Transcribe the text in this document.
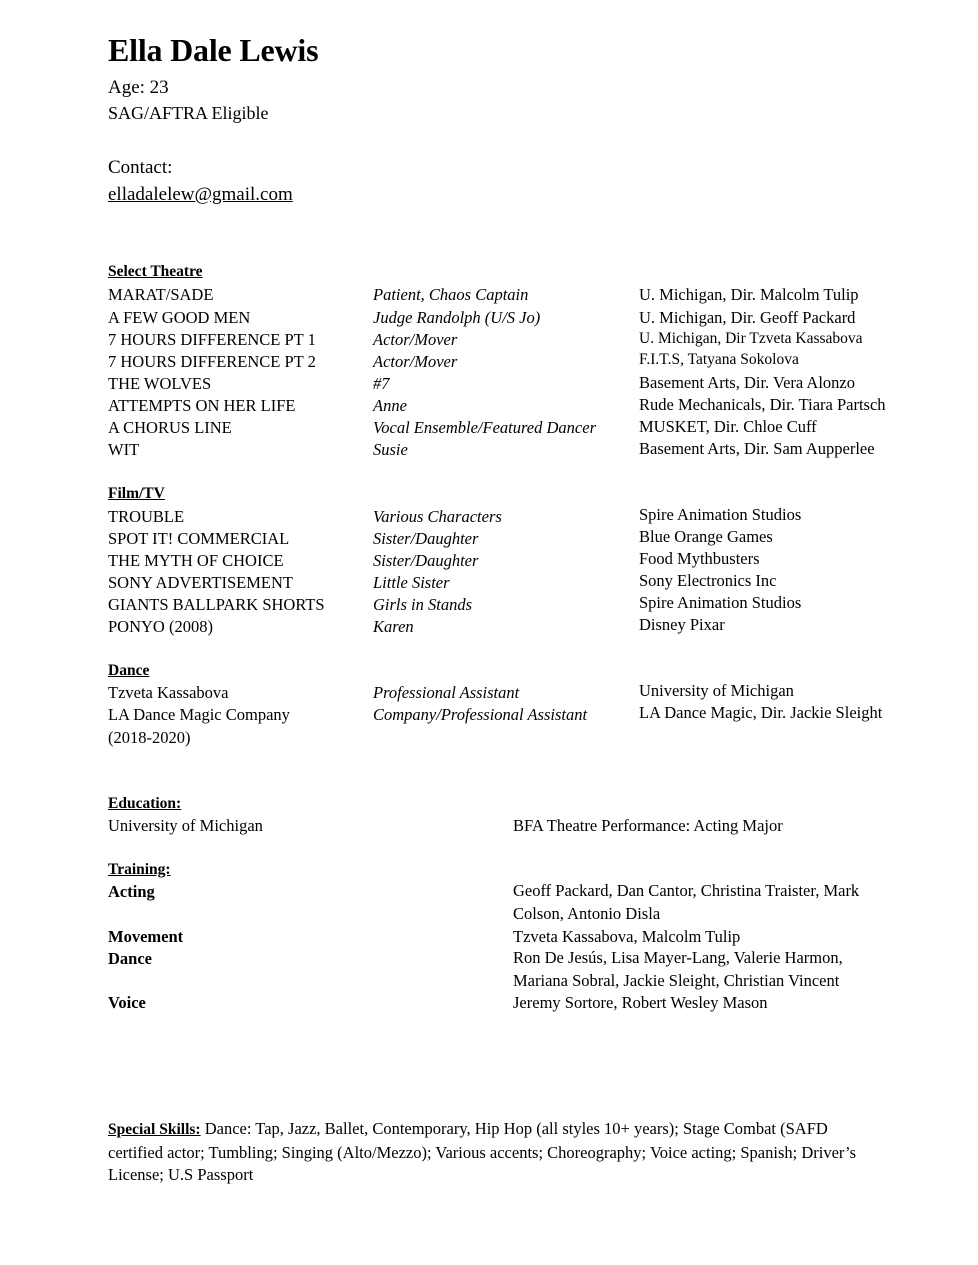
Ella Dale Lewis
Age: 23
SAG/AFTRA Eligible
Contact:
elladalelew@gmail.com
Select Theatre
MARAT/SADE	Patient, Chaos Captain	U. Michigan, Dir. Malcolm Tulip
A FEW GOOD MEN	Judge Randolph (U/S Jo)	U. Michigan, Dir. Geoff Packard
7 HOURS DIFFERENCE PT 1	Actor/Mover	U. Michigan, Dir Tzveta Kassabova
7 HOURS DIFFERENCE PT 2	Actor/Mover	F.I.T.S, Tatyana Sokolova
THE WOLVES	#7	Basement Arts, Dir. Vera Alonzo
ATTEMPTS ON HER LIFE	Anne	Rude Mechanicals, Dir. Tiara Partsch
A CHORUS LINE	Vocal Ensemble/Featured Dancer	MUSKET, Dir. Chloe Cuff
WIT	Susie	Basement Arts, Dir. Sam Aupperlee
Film/TV
TROUBLE	Various Characters	Spire Animation Studios
SPOT IT! COMMERCIAL	Sister/Daughter	Blue Orange Games
THE MYTH OF CHOICE	Sister/Daughter	Food Mythbusters
SONY ADVERTISEMENT	Little Sister	Sony Electronics Inc
GIANTS BALLPARK SHORTS	Girls in Stands	Spire Animation Studios
PONYO (2008)	Karen	Disney Pixar
Dance
Tzveta Kassabova	Professional Assistant	University of Michigan
LA Dance Magic Company	Company/Professional Assistant	LA Dance Magic, Dir. Jackie Sleight
(2018-2020)
Education:
University of Michigan	BFA Theatre Performance: Acting Major
Training:
Acting	Geoff Packard, Dan Cantor, Christina Traister, Mark Colson, Antonio Disla
Movement	Tzveta Kassabova, Malcolm Tulip
Dance	Ron De Jesús, Lisa Mayer-Lang, Valerie Harmon, Mariana Sobral, Jackie Sleight, Christian Vincent
Voice	Jeremy Sortore, Robert Wesley Mason
Special Skills: Dance: Tap, Jazz, Ballet, Contemporary, Hip Hop (all styles 10+ years); Stage Combat (SAFD certified actor; Tumbling; Singing (Alto/Mezzo); Various accents; Choreography; Voice acting; Spanish; Driver’s License; U.S Passport
